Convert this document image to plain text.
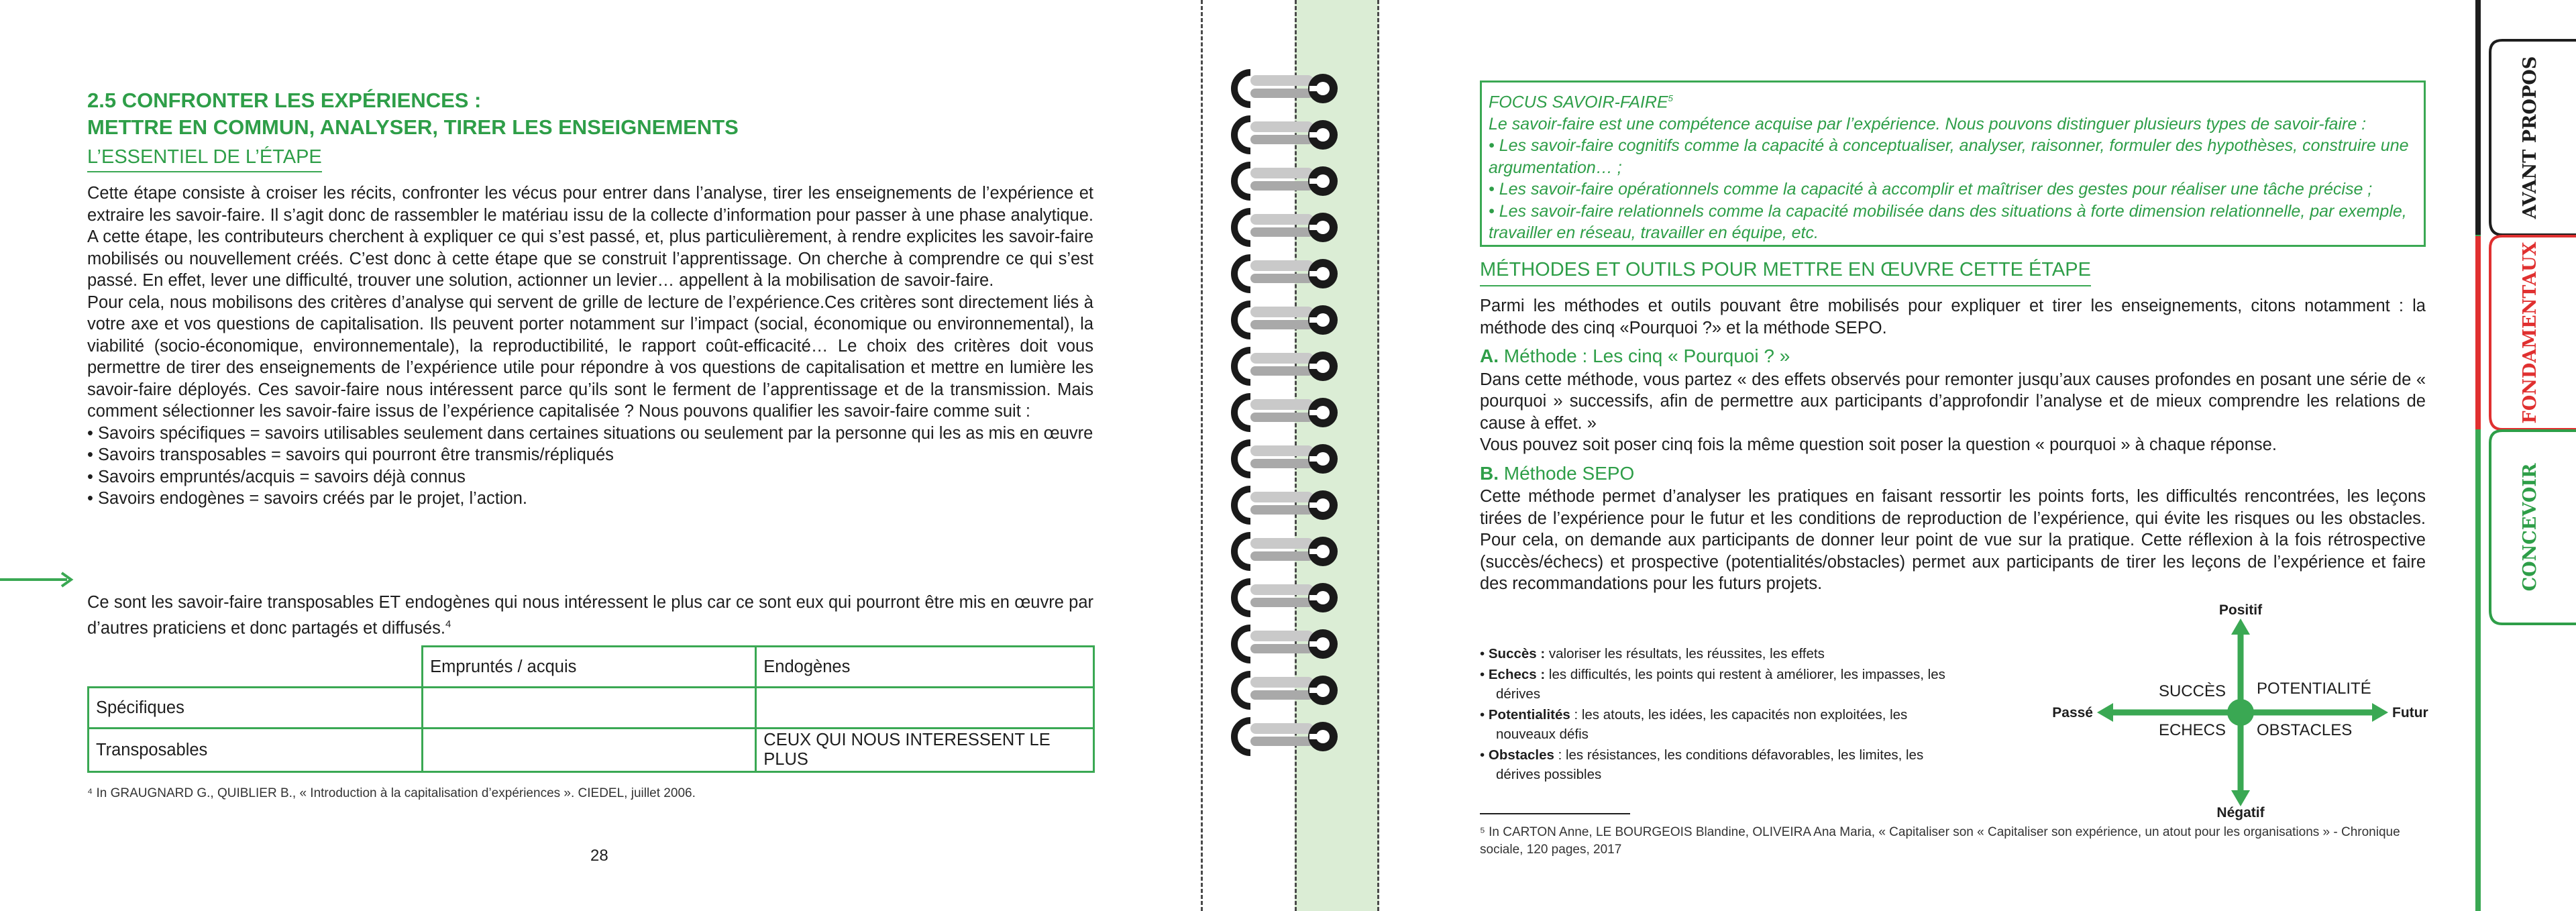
2.5 CONFRONTER LES EXPÉRIENCES :
METTRE EN COMMUN, ANALYSER, TIRER LES ENSEIGNEMENTS
L’ESSENTIEL DE L’ÉTAPE

Cette étape consiste à croiser les récits, confronter les vécus pour entrer dans l’analyse, tirer les enseignements de l’expérience et extraire les savoir-faire. Il s’agit donc de rassembler le matériau issu de la collecte d’information pour passer à une phase analytique. A cette étape, les contributeurs cherchent à expliquer ce qui s’est passé, et, plus particulièrement, à rendre explicites les savoir-faire mobilisés ou nouvellement créés. C’est donc à cette étape que se construit l’apprentissage. On cherche à comprendre ce qui s’est passé. En effet, lever une difficulté, trouver une solution, actionner un levier… appellent à la mobilisation de savoir-faire.

Pour cela, nous mobilisons des critères d’analyse qui servent de grille de lecture de l’expérience.Ces critères sont directement liés à votre axe et vos questions de capitalisation. Ils peuvent porter notamment sur l’impact (social, économique ou environnemental), la viabilité (socio-économique, environnementale), la reproductibilité, le rapport coût-efficacité… Le choix des critères doit vous permettre de tirer des enseignements de l’expérience utile pour répondre à vos questions de capitalisation et mettre en lumière les savoir-faire déployés. Ces savoir-faire nous intéressent parce qu’ils sont le ferment de l’apprentissage et de la transmission. Mais comment sélectionner les savoir-faire issus de l’expérience capitalisée ? Nous pouvons qualifier les savoir-faire comme suit :

• Savoirs spécifiques = savoirs utilisables seulement dans certaines situations ou seulement par la personne qui les as mis en œuvre

• Savoirs transposables = savoirs qui pourront être transmis/répliqués

• Savoirs empruntés/acquis = savoirs déjà connus

• Savoirs endogènes = savoirs créés par le projet, l’action.

Ce sont les savoir-faire transposables ET endogènes qui nous intéressent le plus car ce sont eux qui pourront être mis en œuvre par d’autres praticiens et donc partagés et diffusés.$^4$
	Empruntés / acquis	Endogènes
Spécifiques		
Transposables		CEUX QUI NOUS INTERESSENT LE PLUS
⁴ In GRAUGNARD G., QUIBLIER B., « Introduction à la capitalisation d’expériences ». CIEDEL, juillet 2006.
28

FOCUS SAVOIR-FAIRE$^5$

Le savoir-faire est une compétence acquise par l’expérience. Nous pouvons distinguer plusieurs types de savoir-faire :

• Les savoir-faire cognitifs comme la capacité à conceptualiser, analyser, raisonner, formuler des hypothèses, construire une argumentation… ;

• Les savoir-faire opérationnels comme la capacité à accomplir et maîtriser des gestes pour réaliser une tâche précise ;

• Les savoir-faire relationnels comme la capacité mobilisée dans des situations à forte dimension relationnelle, par exemple, travailler en réseau, travailler en équipe, etc.

MÉTHODES ET OUTILS POUR METTRE EN ŒUVRE CETTE ÉTAPE

Parmi les méthodes et outils pouvant être mobilisés pour expliquer et tirer les enseignements, citons notamment : la méthode des cinq «Pourquoi ?» et la méthode SEPO.

A. Méthode : Les cinq « Pourquoi ? »

Dans cette méthode, vous partez « des effets observés pour remonter jusqu’aux causes profondes en posant une série de « pourquoi » successifs, afin de permettre aux participants d’approfondir l’analyse et de mieux comprendre les relations de cause à effet. »

Vous pouvez soit poser cinq fois la même question soit poser la question « pourquoi » à chaque réponse.

B. Méthode SEPO

Cette méthode permet d’analyser les pratiques en faisant ressortir les points forts, les difficultés rencontrées, les leçons tirées de l’expérience pour le futur et les conditions de reproduction de l’expérience, qui évite les risques ou les obstacles. Pour cela, on demande aux participants de donner leur point de vue sur la pratique. Cette réflexion à la fois rétrospective (succès/échecs) et prospective (potentialités/obstacles) permet aux participants de tirer les leçons de l’expérience et faire des recommandations pour les futurs projets.

• Succès : valoriser les résultats, les réussites, les effets

• Echecs : les difficultés, les points qui restent à améliorer, les impasses, les dérives

• Potentialités : les atouts, les idées, les capacités non exploitées, les nouveaux défis

• Obstacles : les résistances, les conditions défavorables, les limites, les dérives possibles

Positif
Négatif
Passé	Futur
SUCCÈS POTENTIALITÉ
ECHECS OBSTACLES
⁵ In CARTON Anne, LE BOURGEOIS Blandine, OLIVEIRA Ana Maria, « Capitaliser son « Capitaliser son expérience, un atout pour les organisations » - Chronique sociale, 120 pages, 2017
AVANT PROPOS
FONDAMENTAUX
CONCEVOIR
